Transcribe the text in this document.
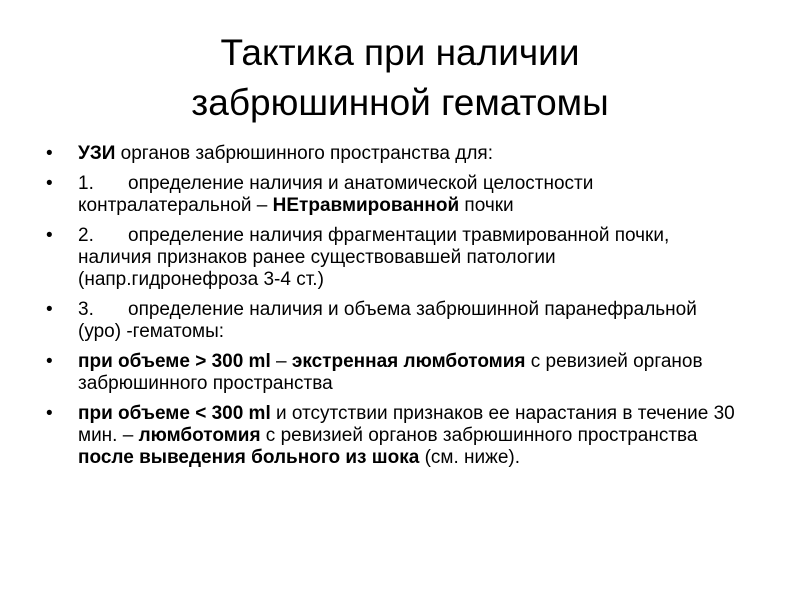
Тактика при наличии
забрюшинной гематомы
•	УЗИ органов забрюшинного пространства для:
•	1. определение наличия и анатомической целостности контралатеральной – НЕтравмированной почки
•	2. определение наличия фрагментации травмированной почки, наличия признаков ранее существовавшей патологии (напр.гидронефроза 3-4 ст.)
•	3. определение наличия и объема забрюшинной паранефральной (уро) -гематомы:
•	при объеме > 300 ml – экстренная люмботомия с ревизией органов забрюшинного пространства
•	при объеме < 300 ml и отсутствии признаков ее нарастания в течение 30 мин. – люмботомия с ревизией органов забрюшинного пространства после выведения больного из шока (см. ниже).
